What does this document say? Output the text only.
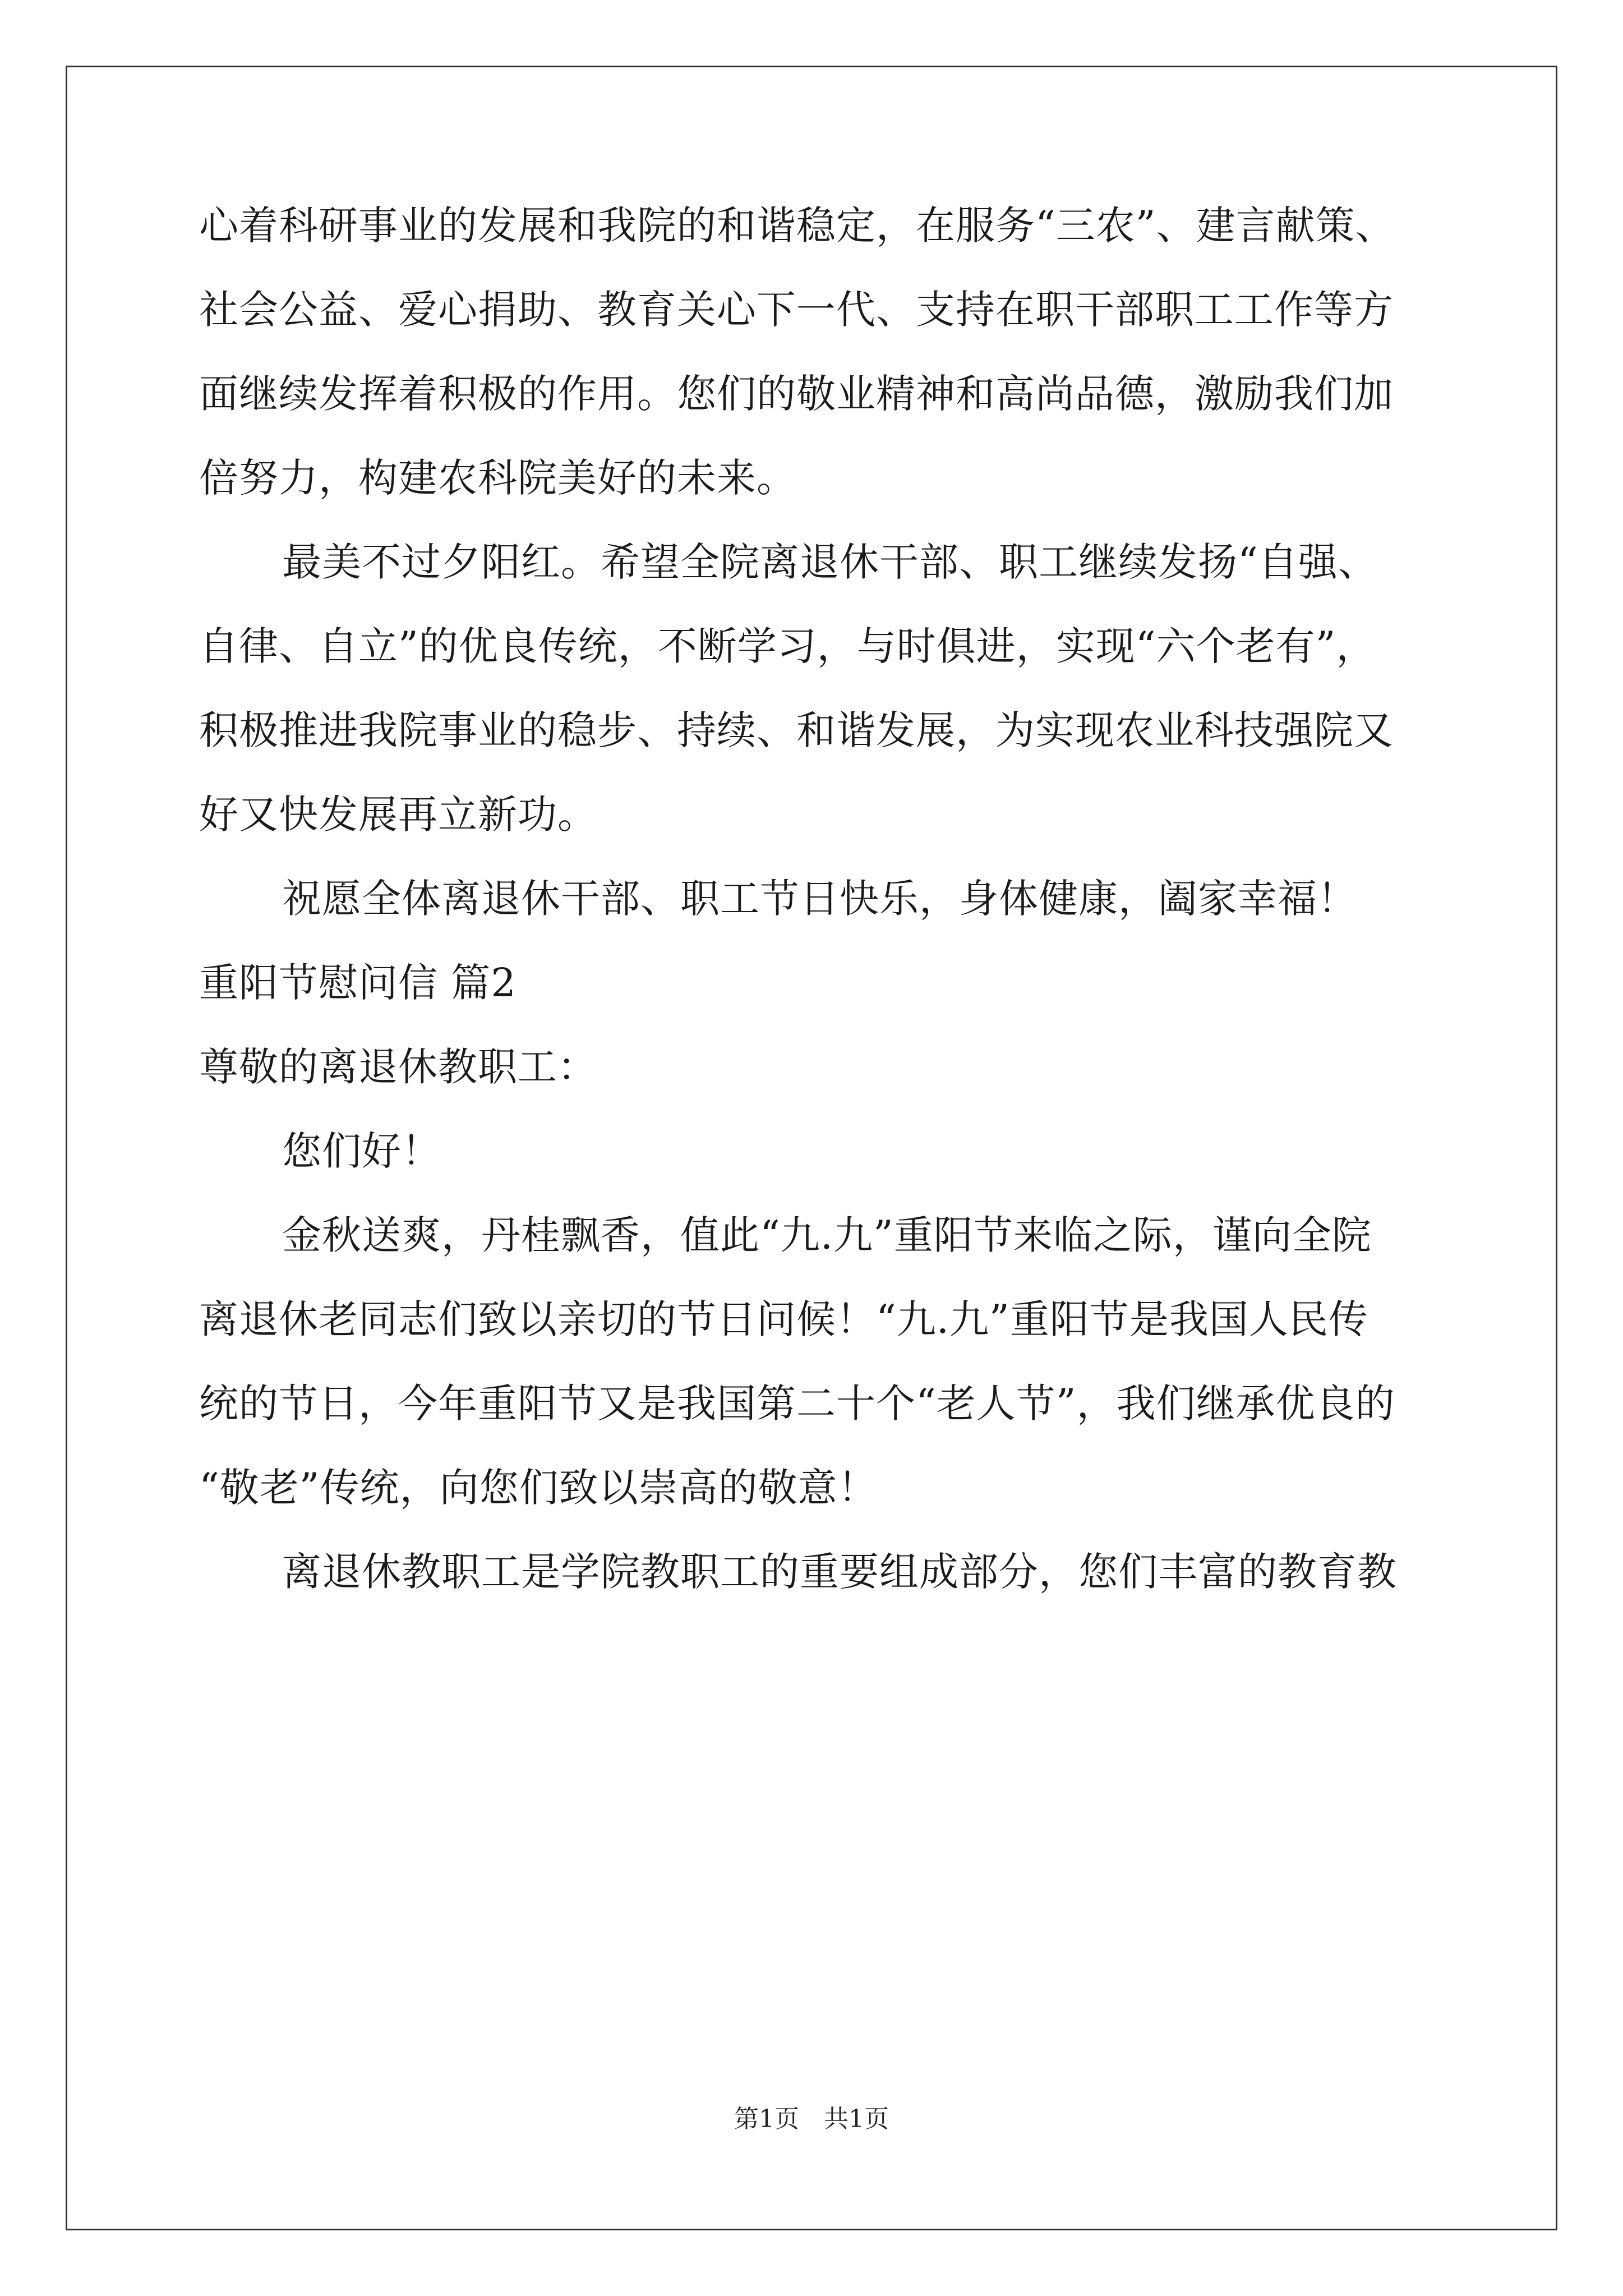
心着科研事业的发展和我院的和谐稳定，在服务“三农”、建言献策、
社会公益、爱心捐助、教育关心下一代、支持在职干部职工工作等方
面继续发挥着积极的作用。您们的敬业精神和高尚品德，激励我们加
倍努力，构建农科院美好的未来。
最美不过夕阳红。希望全院离退休干部、职工继续发扬“自强、
自律、自立”的优良传统，不断学习，与时俱进，实现“六个老有”，
积极推进我院事业的稳步、持续、和谐发展，为实现农业科技强院又
好又快发展再立新功。
祝愿全体离退休干部、职工节日快乐，身体健康，阖家幸福！
重阳节慰问信 篇2
尊敬的离退休教职工：
您们好！
金秋送爽，丹桂飘香，值此“九.九”重阳节来临之际，谨向全院
离退休老同志们致以亲切的节日问候！“九.九”重阳节是我国人民传
统的节日，今年重阳节又是我国第二十个“老人节”，我们继承优良的
“敬老”传统，向您们致以崇高的敬意！
离退休教职工是学院教职工的重要组成部分，您们丰富的教育教
第1页　共1页
